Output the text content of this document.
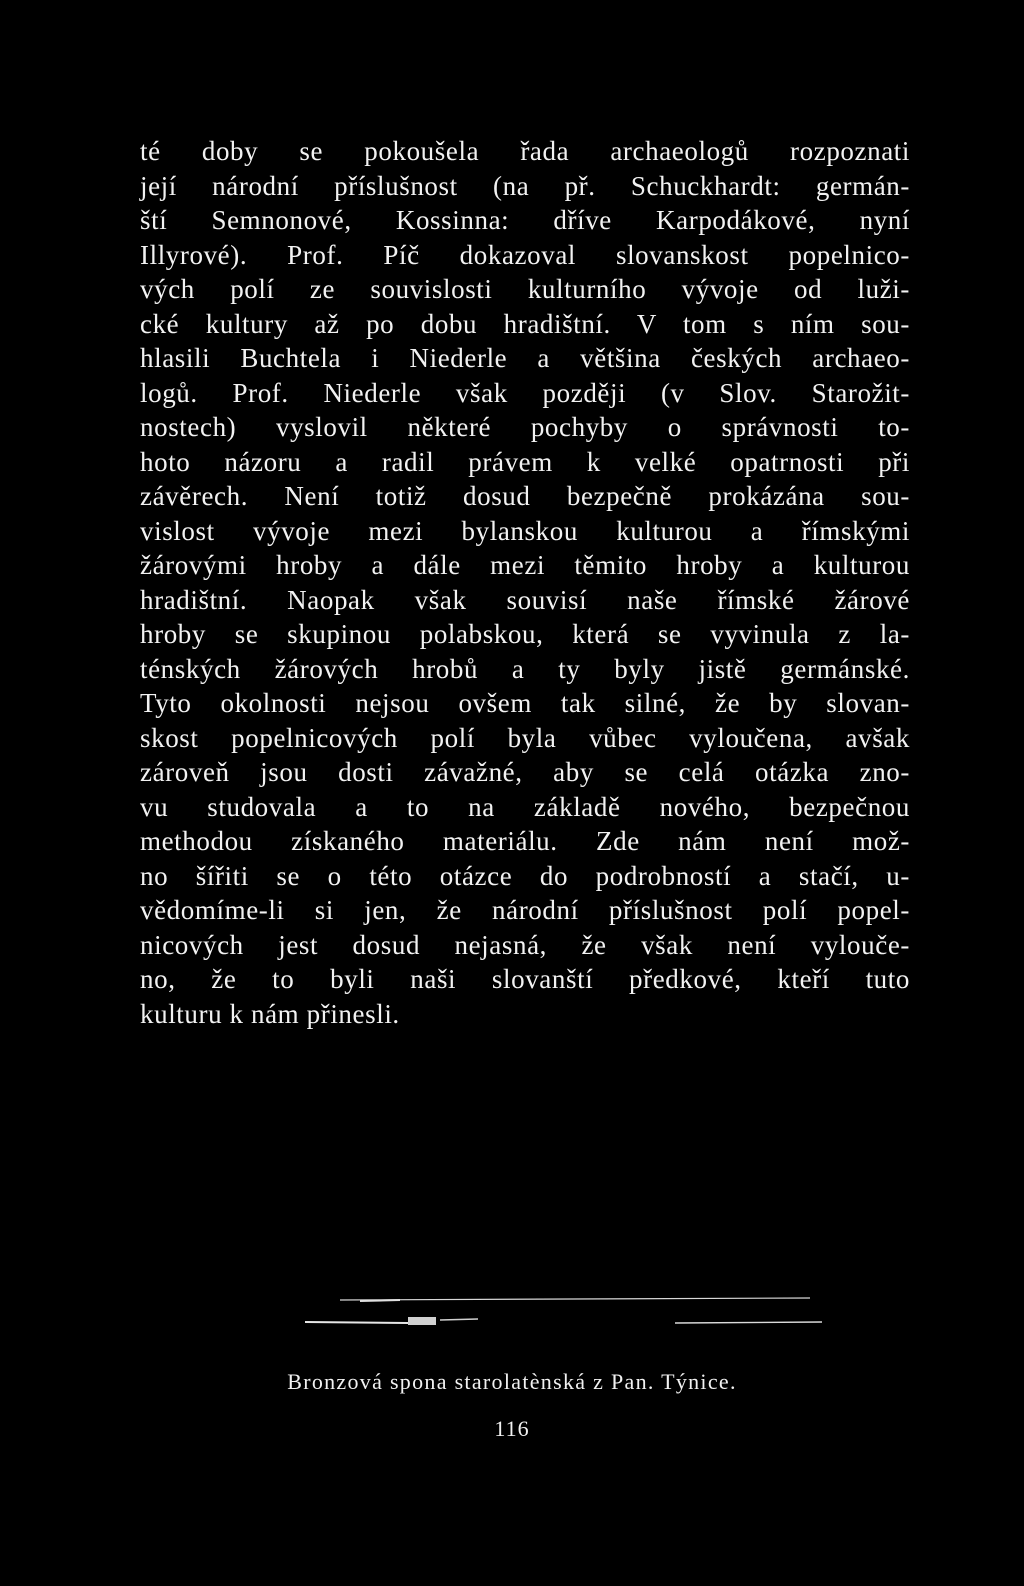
té doby se pokoušela řada archaeologů rozpoznati
její národní příslušnost (na př. Schuckhardt: germán-
ští Semnonové, Kossinna: dříve Karpodákové, nyní
Illyrové). Prof. Píč dokazoval slovanskost popelnico-
vých polí ze souvislosti kulturního vývoje od luži-
cké kultury až po dobu hradištní. V tom s ním sou-
hlasili Buchtela i Niederle a většina českých archaeo-
logů. Prof. Niederle však později (v Slov. Starožit-
nostech) vyslovil některé pochyby o správnosti to-
hoto názoru a radil právem k velké opatrnosti při
závěrech. Není totiž dosud bezpečně prokázána sou-
vislost vývoje mezi bylanskou kulturou a římskými
žárovými hroby a dále mezi těmito hroby a kulturou
hradištní. Naopak však souvisí naše římské žárové
hroby se skupinou polabskou, která se vyvinula z la-
ténských žárových hrobů a ty byly jistě germánské.
Tyto okolnosti nejsou ovšem tak silné, že by slovan-
skost popelnicových polí byla vůbec vyloučena, avšak
zároveň jsou dosti závažné, aby se celá otázka zno-
vu studovala a to na základě nového, bezpečnou
methodou získaného materiálu. Zde nám není mož-
no šířiti se o této otázce do podrobností a stačí, u-
vědomíme-li si jen, že národní příslušnost polí popel-
nicových jest dosud nejasná, že však není vylouče-
no, že to byli naši slovanští předkové, kteří tuto
kulturu k nám přinesli.
Bronzová spona starolatènská z Pan. Týnice.
116
